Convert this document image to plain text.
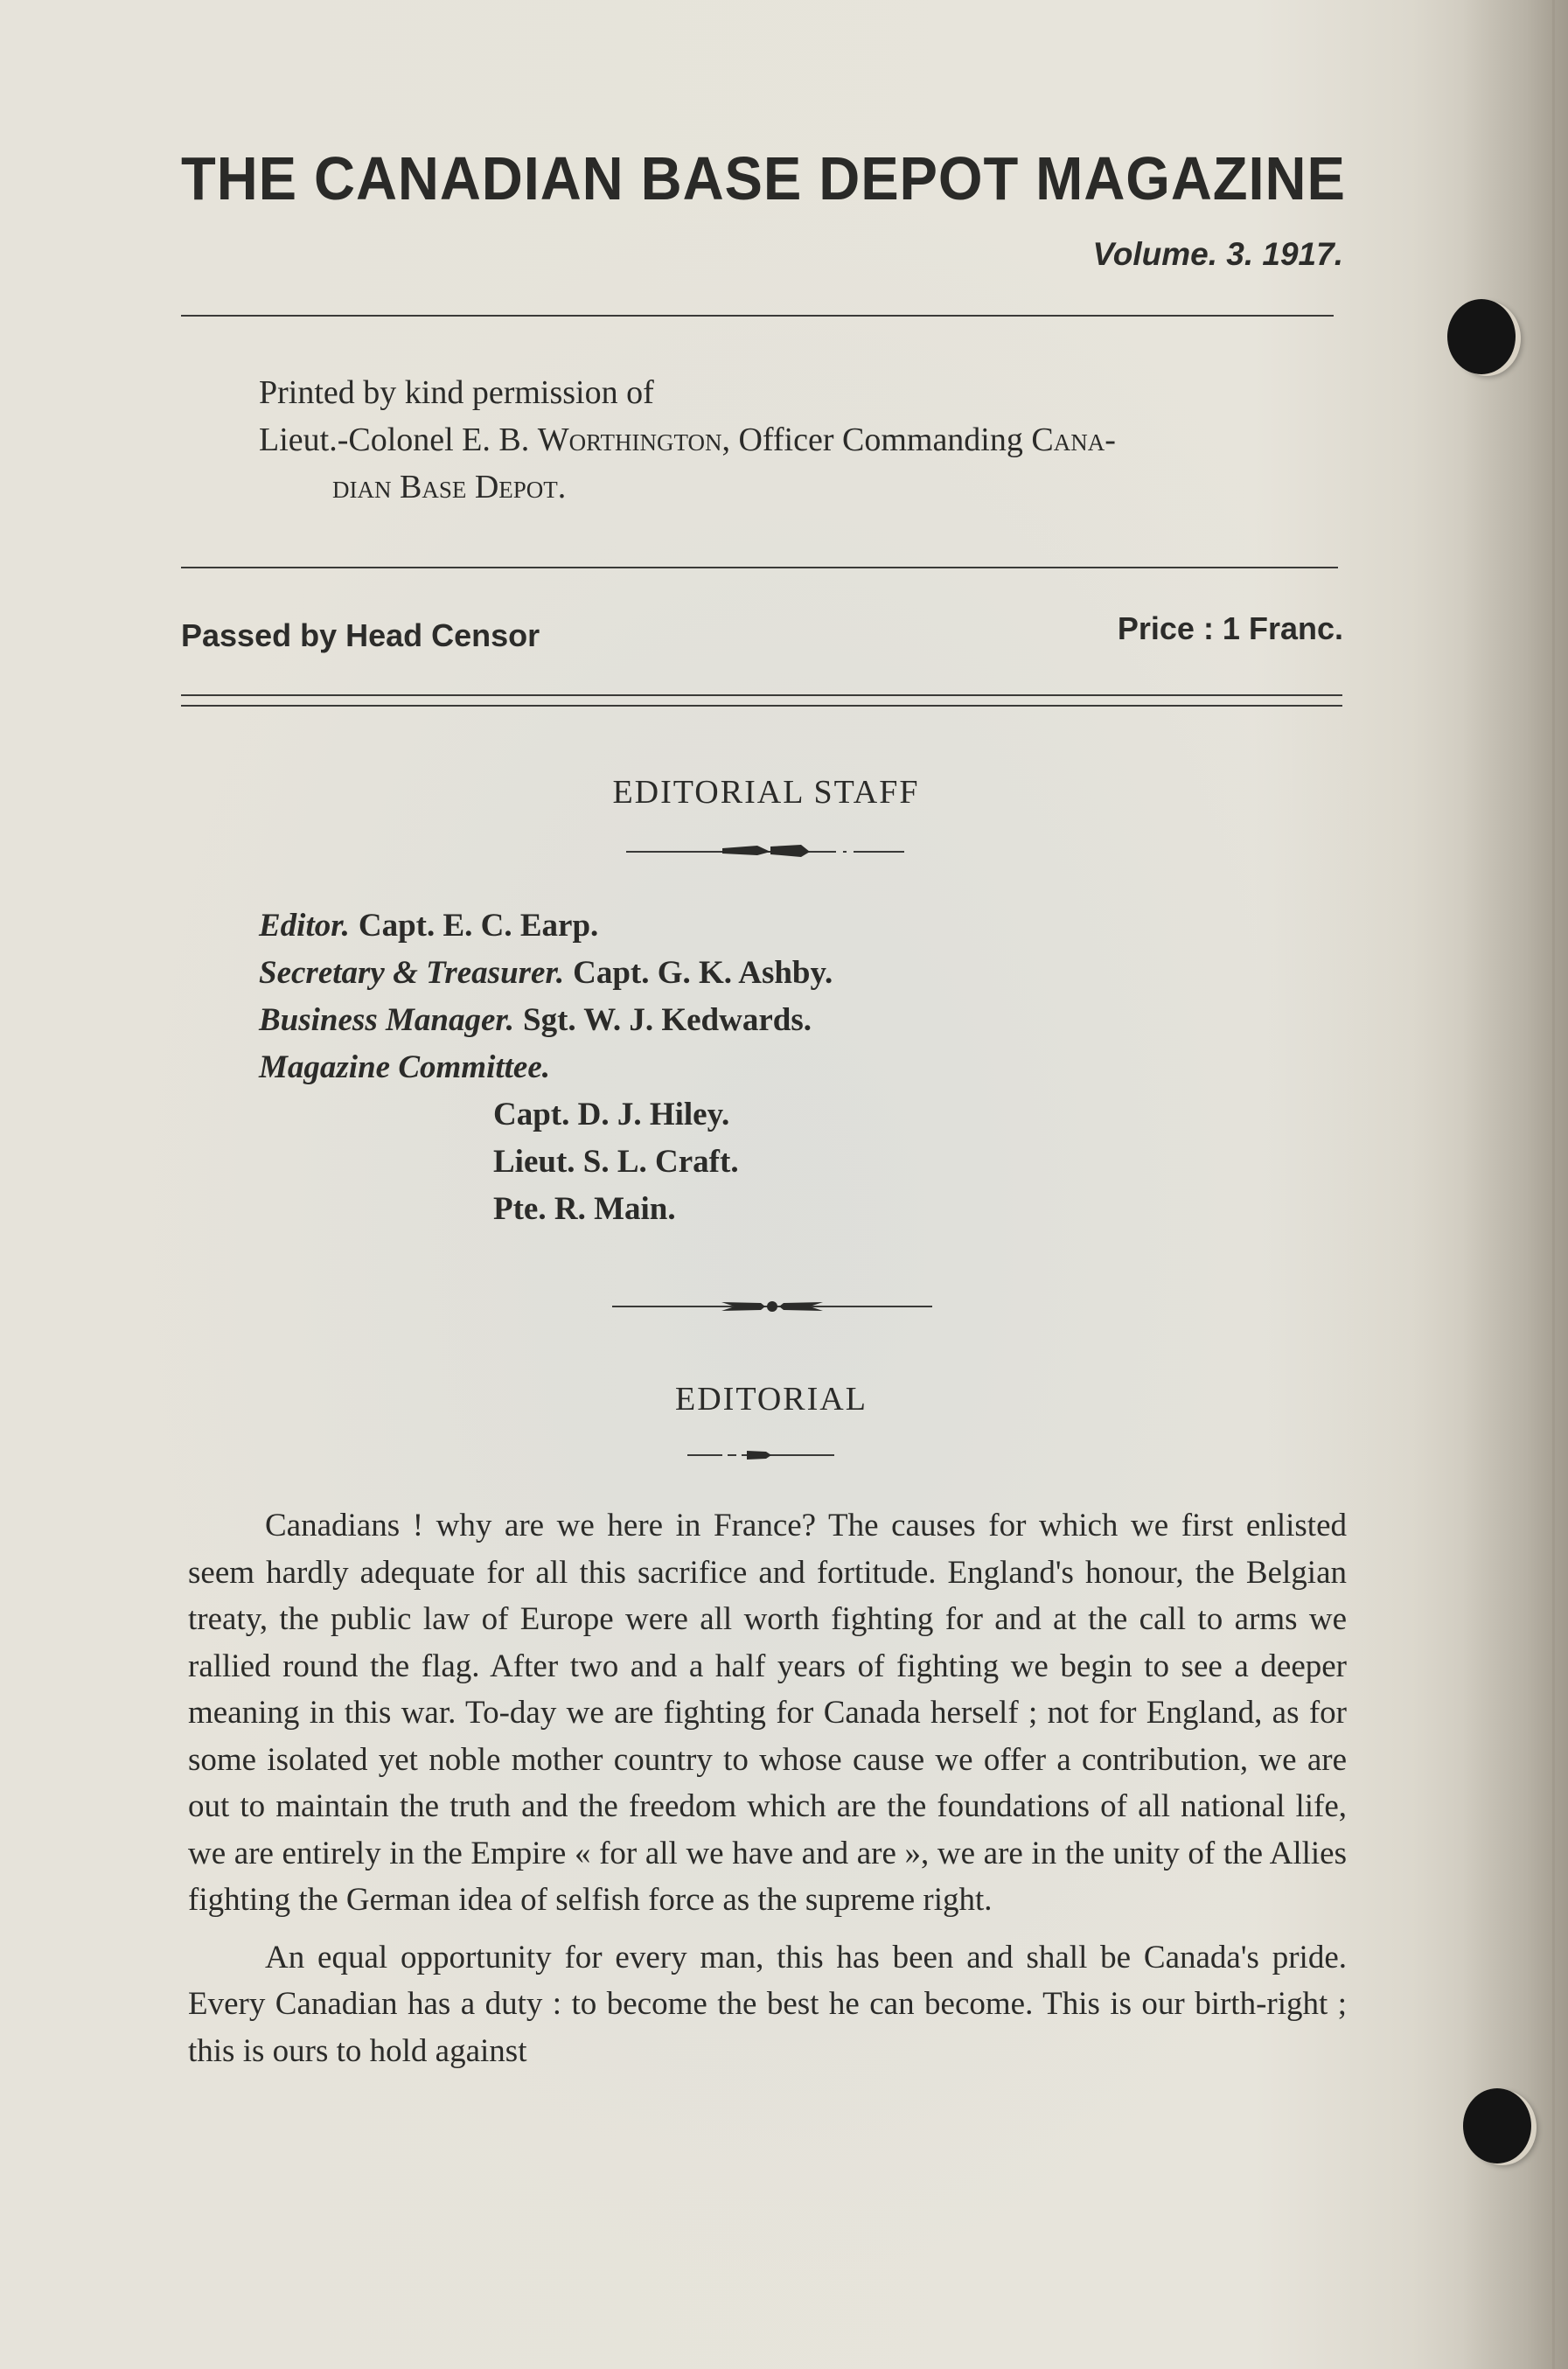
THE CANADIAN BASE DEPOT MAGAZINE
Volume. 3. 1917.
Printed by kind permission of
Lieut.-Colonel E. B. Worthington, Officer Commanding Cana-
dian Base Depot.
Passed by Head Censor	Price : 1 Franc.
EDITORIAL STAFF
Editor. Capt. E. C. Earp.
Secretary & Treasurer. Capt. G. K. Ashby.
Business Manager. Sgt. W. J. Kedwards.
Magazine Committee.
Capt. D. J. Hiley.
Lieut. S. L. Craft.
Pte. R. Main.
EDITORIAL

Canadians ! why are we here in France? The causes for which we first enlisted seem hardly adequate for all this sacrifice and fortitude. England's honour, the Belgian treaty, the public law of Europe were all worth fighting for and at the call to arms we rallied round the flag. After two and a half years of fighting we begin to see a deeper meaning in this war. To-day we are fighting for Canada herself ; not for England, as for some isolated yet noble mother country to whose cause we offer a contribution, we are out to maintain the truth and the freedom which are the foundations of all national life, we are entirely in the Empire « for all we have and are », we are in the unity of the Allies fighting the German idea of selfish force as the supreme right.

An equal opportunity for every man, this has been and shall be Canada's pride. Every Canadian has a duty : to become the best he can become. This is our birth-right ; this is ours to hold against
